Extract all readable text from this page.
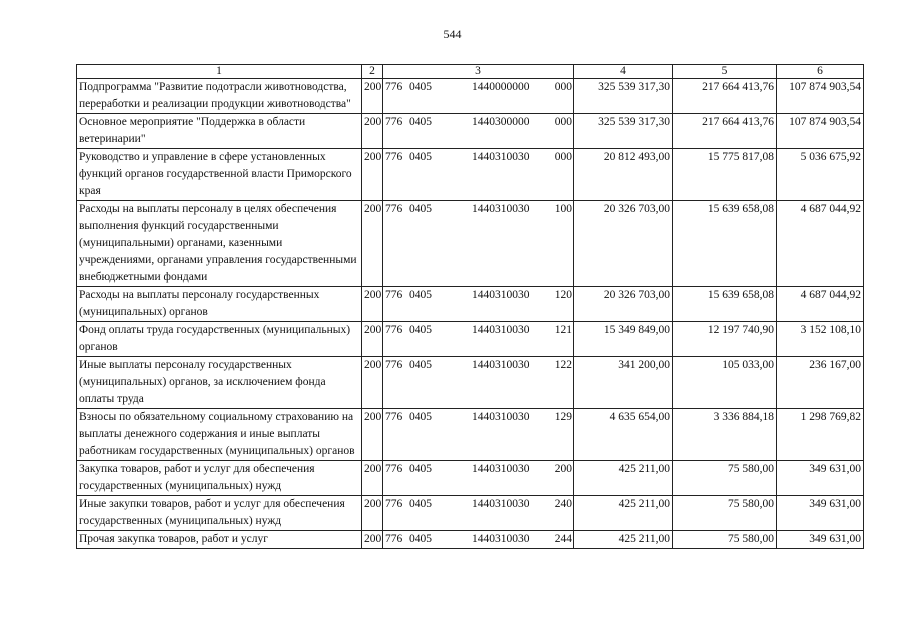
544
1	2	3	4	5	6
Подпрограмма "Развитие подотрасли животноводства, переработки и реализации продукции животноводства"	200	776 0405 1440000000 000	325 539 317,30	217 664 413,76	107 874 903,54
Основное мероприятие "Поддержка в области ветеринарии"	200	776 0405 1440300000 000	325 539 317,30	217 664 413,76	107 874 903,54
Руководство и управление в сфере установленных функций органов государственной власти Приморского края	200	776 0405 1440310030 000	20 812 493,00	15 775 817,08	5 036 675,92
Расходы на выплаты персоналу в целях обеспечения выполнения функций государственными (муниципальными) органами, казенными учреждениями, органами управления государственными внебюджетными фондами	200	776 0405 1440310030 100	20 326 703,00	15 639 658,08	4 687 044,92
Расходы на выплаты персоналу государственных (муниципальных) органов	200	776 0405 1440310030 120	20 326 703,00	15 639 658,08	4 687 044,92
Фонд оплаты труда государственных (муниципальных) органов	200	776 0405 1440310030 121	15 349 849,00	12 197 740,90	3 152 108,10
Иные выплаты персоналу государственных (муниципальных) органов, за исключением фонда оплаты труда	200	776 0405 1440310030 122	341 200,00	105 033,00	236 167,00
Взносы по обязательному социальному страхованию на выплаты денежного содержания и иные выплаты работникам государственных (муниципальных) органов	200	776 0405 1440310030 129	4 635 654,00	3 336 884,18	1 298 769,82
Закупка товаров, работ и услуг для обеспечения государственных (муниципальных) нужд	200	776 0405 1440310030 200	425 211,00	75 580,00	349 631,00
Иные закупки товаров, работ и услуг для обеспечения государственных (муниципальных) нужд	200	776 0405 1440310030 240	425 211,00	75 580,00	349 631,00
Прочая закупка товаров, работ и услуг	200	776 0405 1440310030 244	425 211,00	75 580,00	349 631,00
